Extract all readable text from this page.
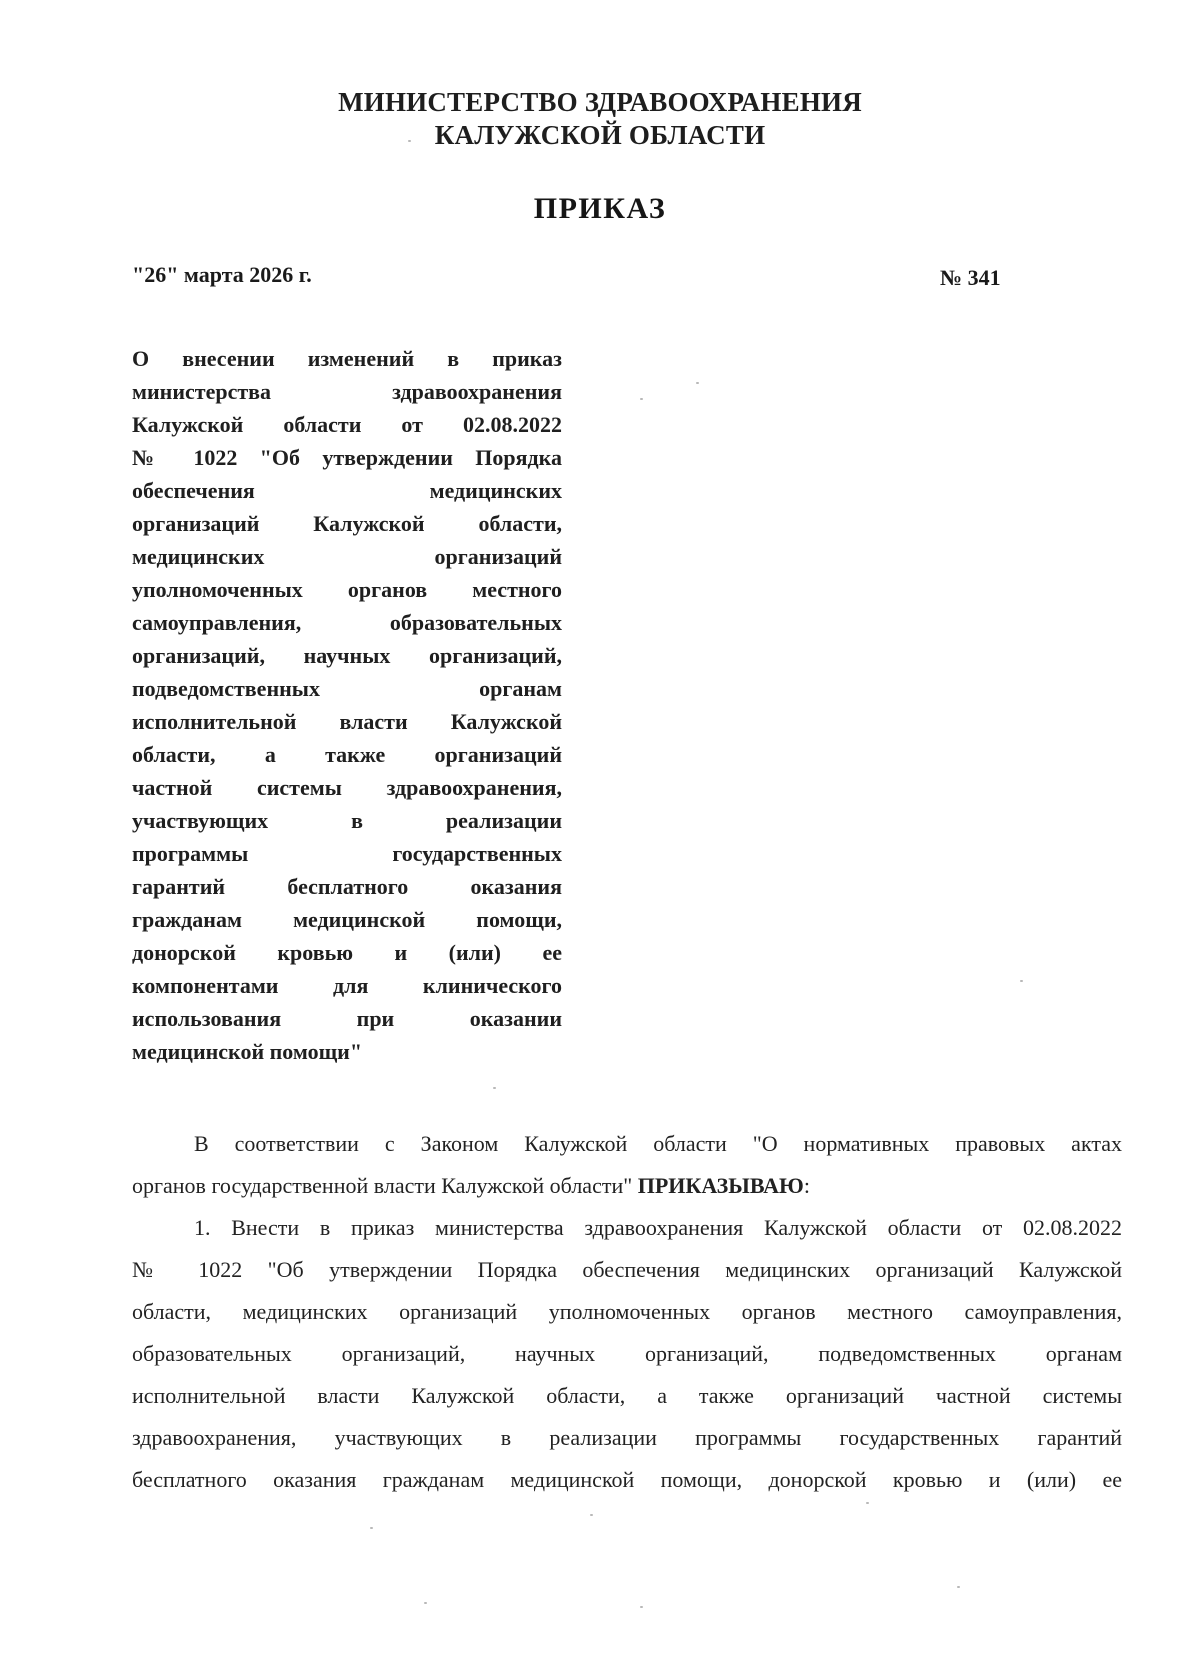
МИНИСТЕРСТВО ЗДРАВООХРАНЕНИЯ
КАЛУЖСКОЙ ОБЛАСТИ
ПРИКАЗ
"26" марта 2026 г.	№ 341
О внесении изменений в приказ
министерства здравоохранения
Калужской области от 02.08.2022
№ 1022 "Об утверждении Порядка
обеспечения медицинских
организаций Калужской области,
медицинских организаций
уполномоченных органов местного
самоуправления, образовательных
организаций, научных организаций,
подведомственных органам
исполнительной власти Калужской
области, а также организаций
частной системы здравоохранения,
участвующих в реализации
программы государственных
гарантий бесплатного оказания
гражданам медицинской помощи,
донорской кровью и (или) ее
компонентами для клинического
использования при оказании
медицинской помощи"
В соответствии с Законом Калужской области "О нормативных правовых актах
органов государственной власти Калужской области" ПРИКАЗЫВАЮ:
1. Внести в приказ министерства здравоохранения Калужской области от 02.08.2022
№ 1022 "Об утверждении Порядка обеспечения медицинских организаций Калужской
области, медицинских организаций уполномоченных органов местного самоуправления,
образовательных организаций, научных организаций, подведомственных органам
исполнительной власти Калужской области, а также организаций частной системы
здравоохранения, участвующих в реализации программы государственных гарантий
бесплатного оказания гражданам медицинской помощи, донорской кровью и (или) ее
